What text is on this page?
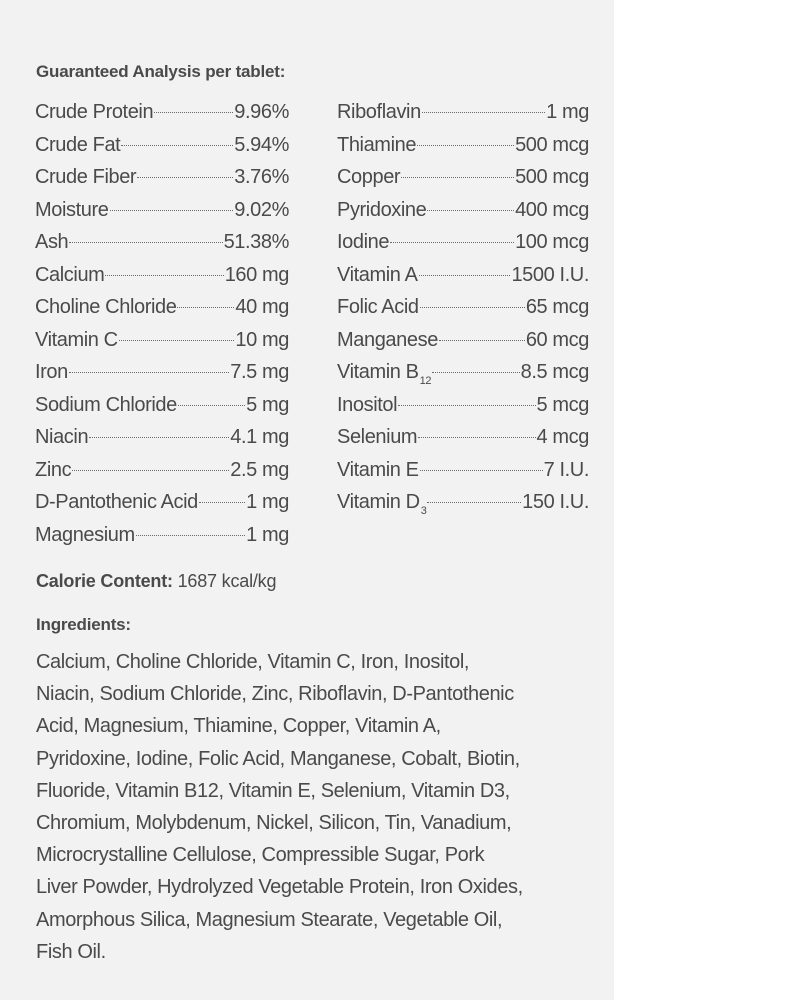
Guaranteed Analysis per tablet:
Crude Protein	9.96%
Crude Fat	5.94%
Crude Fiber	3.76%
Moisture	9.02%
Ash	51.38%
Calcium	160 mg
Choline Chloride	40 mg
Vitamin C	10 mg
Iron	7.5 mg
Sodium Chloride	5 mg
Niacin	4.1 mg
Zinc	2.5 mg
D-Pantothenic Acid 1 mg
Magnesium	1 mg
Riboflavin	1 mg
Thiamine	500 mcg
Copper	500 mcg
Pyridoxine	400 mcg
Iodine	100 mcg
Vitamin A	1500 I.U.
Folic Acid	65 mcg
Manganese	60 mcg
Vitamin $B_{12}$	8.5 mcg
Inositol	5 mcg
Selenium	4 mcg
Vitamin E	7 I.U.
Vitamin $D_3$	150 I.U.
Calorie Content: 1687 kcal/kg
Ingredients:
Calcium, Choline Chloride, Vitamin C, Iron, Inositol,
Niacin, Sodium Chloride, Zinc, Riboflavin, D-Pantothenic
Acid, Magnesium, Thiamine, Copper, Vitamin A,
Pyridoxine, Iodine, Folic Acid, Manganese, Cobalt, Biotin,
Fluoride, Vitamin B12, Vitamin E, Selenium, Vitamin D3,
Chromium, Molybdenum, Nickel, Silicon, Tin, Vanadium,
Microcrystalline Cellulose, Compressible Sugar, Pork
Liver Powder, Hydrolyzed Vegetable Protein, Iron Oxides,
Amorphous Silica, Magnesium Stearate, Vegetable Oil,
Fish Oil.
